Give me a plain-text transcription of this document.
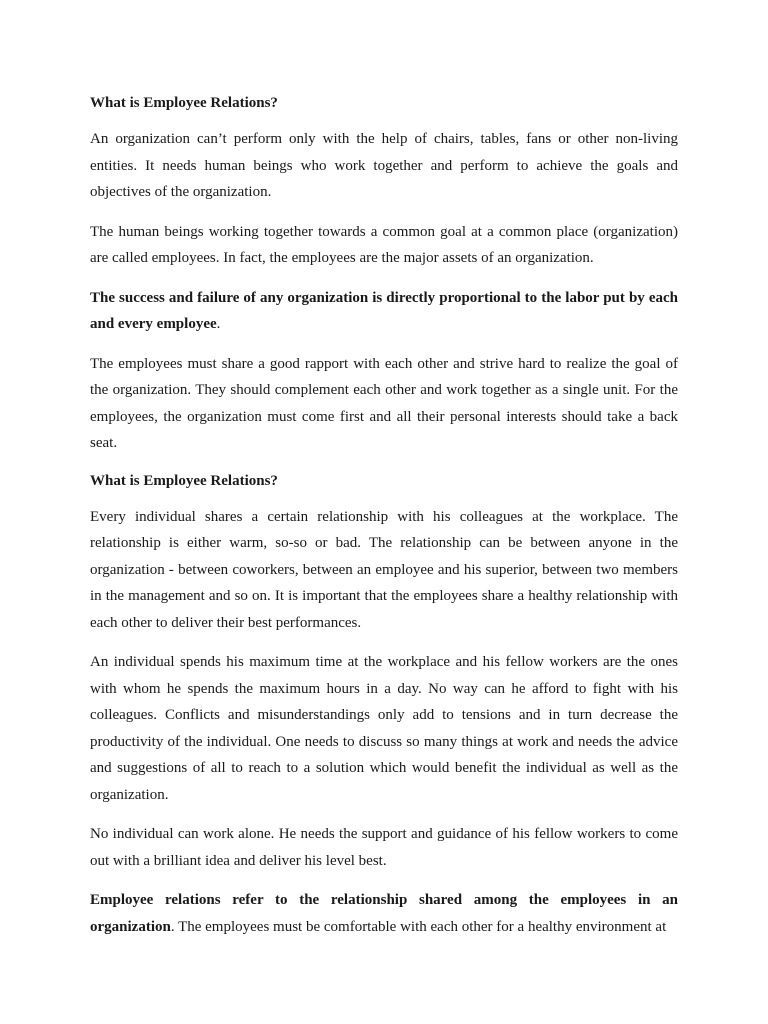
What is Employee Relations?

An organization can’t perform only with the help of chairs, tables, fans or other non-living entities. It needs human beings who work together and perform to achieve the goals and objectives of the organization.

The human beings working together towards a common goal at a common place (organization) are called employees. In fact, the employees are the major assets of an organization.

The success and failure of any organization is directly proportional to the labor put by each and every employee.

The employees must share a good rapport with each other and strive hard to realize the goal of the organization. They should complement each other and work together as a single unit. For the employees, the organization must come first and all their personal interests should take a back seat.

What is Employee Relations?

Every individual shares a certain relationship with his colleagues at the workplace. The relationship is either warm, so-so or bad. The relationship can be between anyone in the organization - between coworkers, between an employee and his superior, between two members in the management and so on. It is important that the employees share a healthy relationship with each other to deliver their best performances.

An individual spends his maximum time at the workplace and his fellow workers are the ones with whom he spends the maximum hours in a day. No way can he afford to fight with his colleagues. Conflicts and misunderstandings only add to tensions and in turn decrease the productivity of the individual. One needs to discuss so many things at work and needs the advice and suggestions of all to reach to a solution which would benefit the individual as well as the organization.

No individual can work alone. He needs the support and guidance of his fellow workers to come out with a brilliant idea and deliver his level best.

Employee relations refer to the relationship shared among the employees in an organization. The employees must be comfortable with each other for a healthy environment at
